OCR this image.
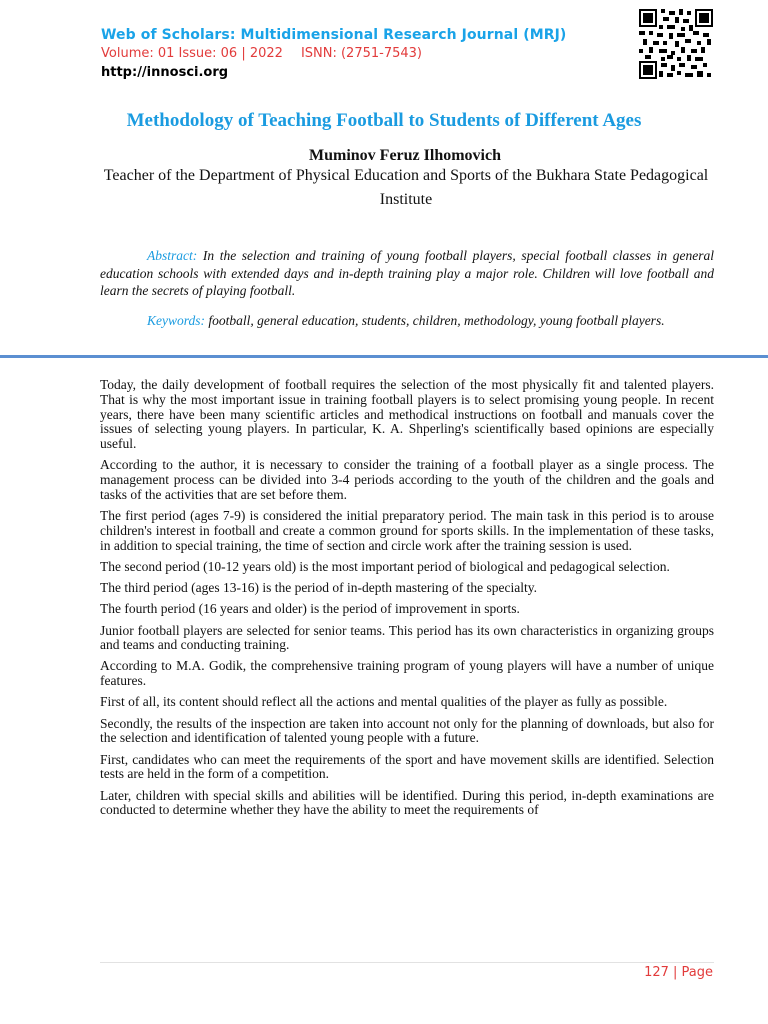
Web of Scholars: Multidimensional Research Journal (MRJ)
Volume: 01 Issue: 06 | 2022 ISNN: (2751-7543)
http://innosci.org
Methodology of Teaching Football to Students of Different Ages
Muminov Feruz Ilhomovich
Teacher of the Department of Physical Education and Sports of the Bukhara State Pedagogical Institute
Abstract: In the selection and training of young football players, special football classes in general education schools with extended days and in-depth training play a major role. Children will love football and learn the secrets of playing football.
Keywords: football, general education, students, children, methodology, young football players.

Today, the daily development of football requires the selection of the most physically fit and talented players. That is why the most important issue in training football players is to select promising young people. In recent years, there have been many scientific articles and methodical instructions on football and manuals cover the issues of selecting young players. In particular, K. A. Shperling's scientifically based opinions are especially useful.

According to the author, it is necessary to consider the training of a football player as a single process. The management process can be divided into 3-4 periods according to the youth of the children and the goals and tasks of the activities that are set before them.

The first period (ages 7-9) is considered the initial preparatory period. The main task in this period is to arouse children's interest in football and create a common ground for sports skills. In the implementation of these tasks, in addition to special training, the time of section and circle work after the training session is used.

The second period (10-12 years old) is the most important period of biological and pedagogical selection.

The third period (ages 13-16) is the period of in-depth mastering of the specialty.

The fourth period (16 years and older) is the period of improvement in sports.

Junior football players are selected for senior teams. This period has its own characteristics in organizing groups and teams and conducting training.

According to M.A. Godik, the comprehensive training program of young players will have a number of unique features.

First of all, its content should reflect all the actions and mental qualities of the player as fully as possible.

Secondly, the results of the inspection are taken into account not only for the planning of downloads, but also for the selection and identification of talented young people with a future.

First, candidates who can meet the requirements of the sport and have movement skills are identified. Selection tests are held in the form of a competition.

Later, children with special skills and abilities will be identified. During this period, in-depth examinations are conducted to determine whether they have the ability to meet the requirements of

127 | Page
